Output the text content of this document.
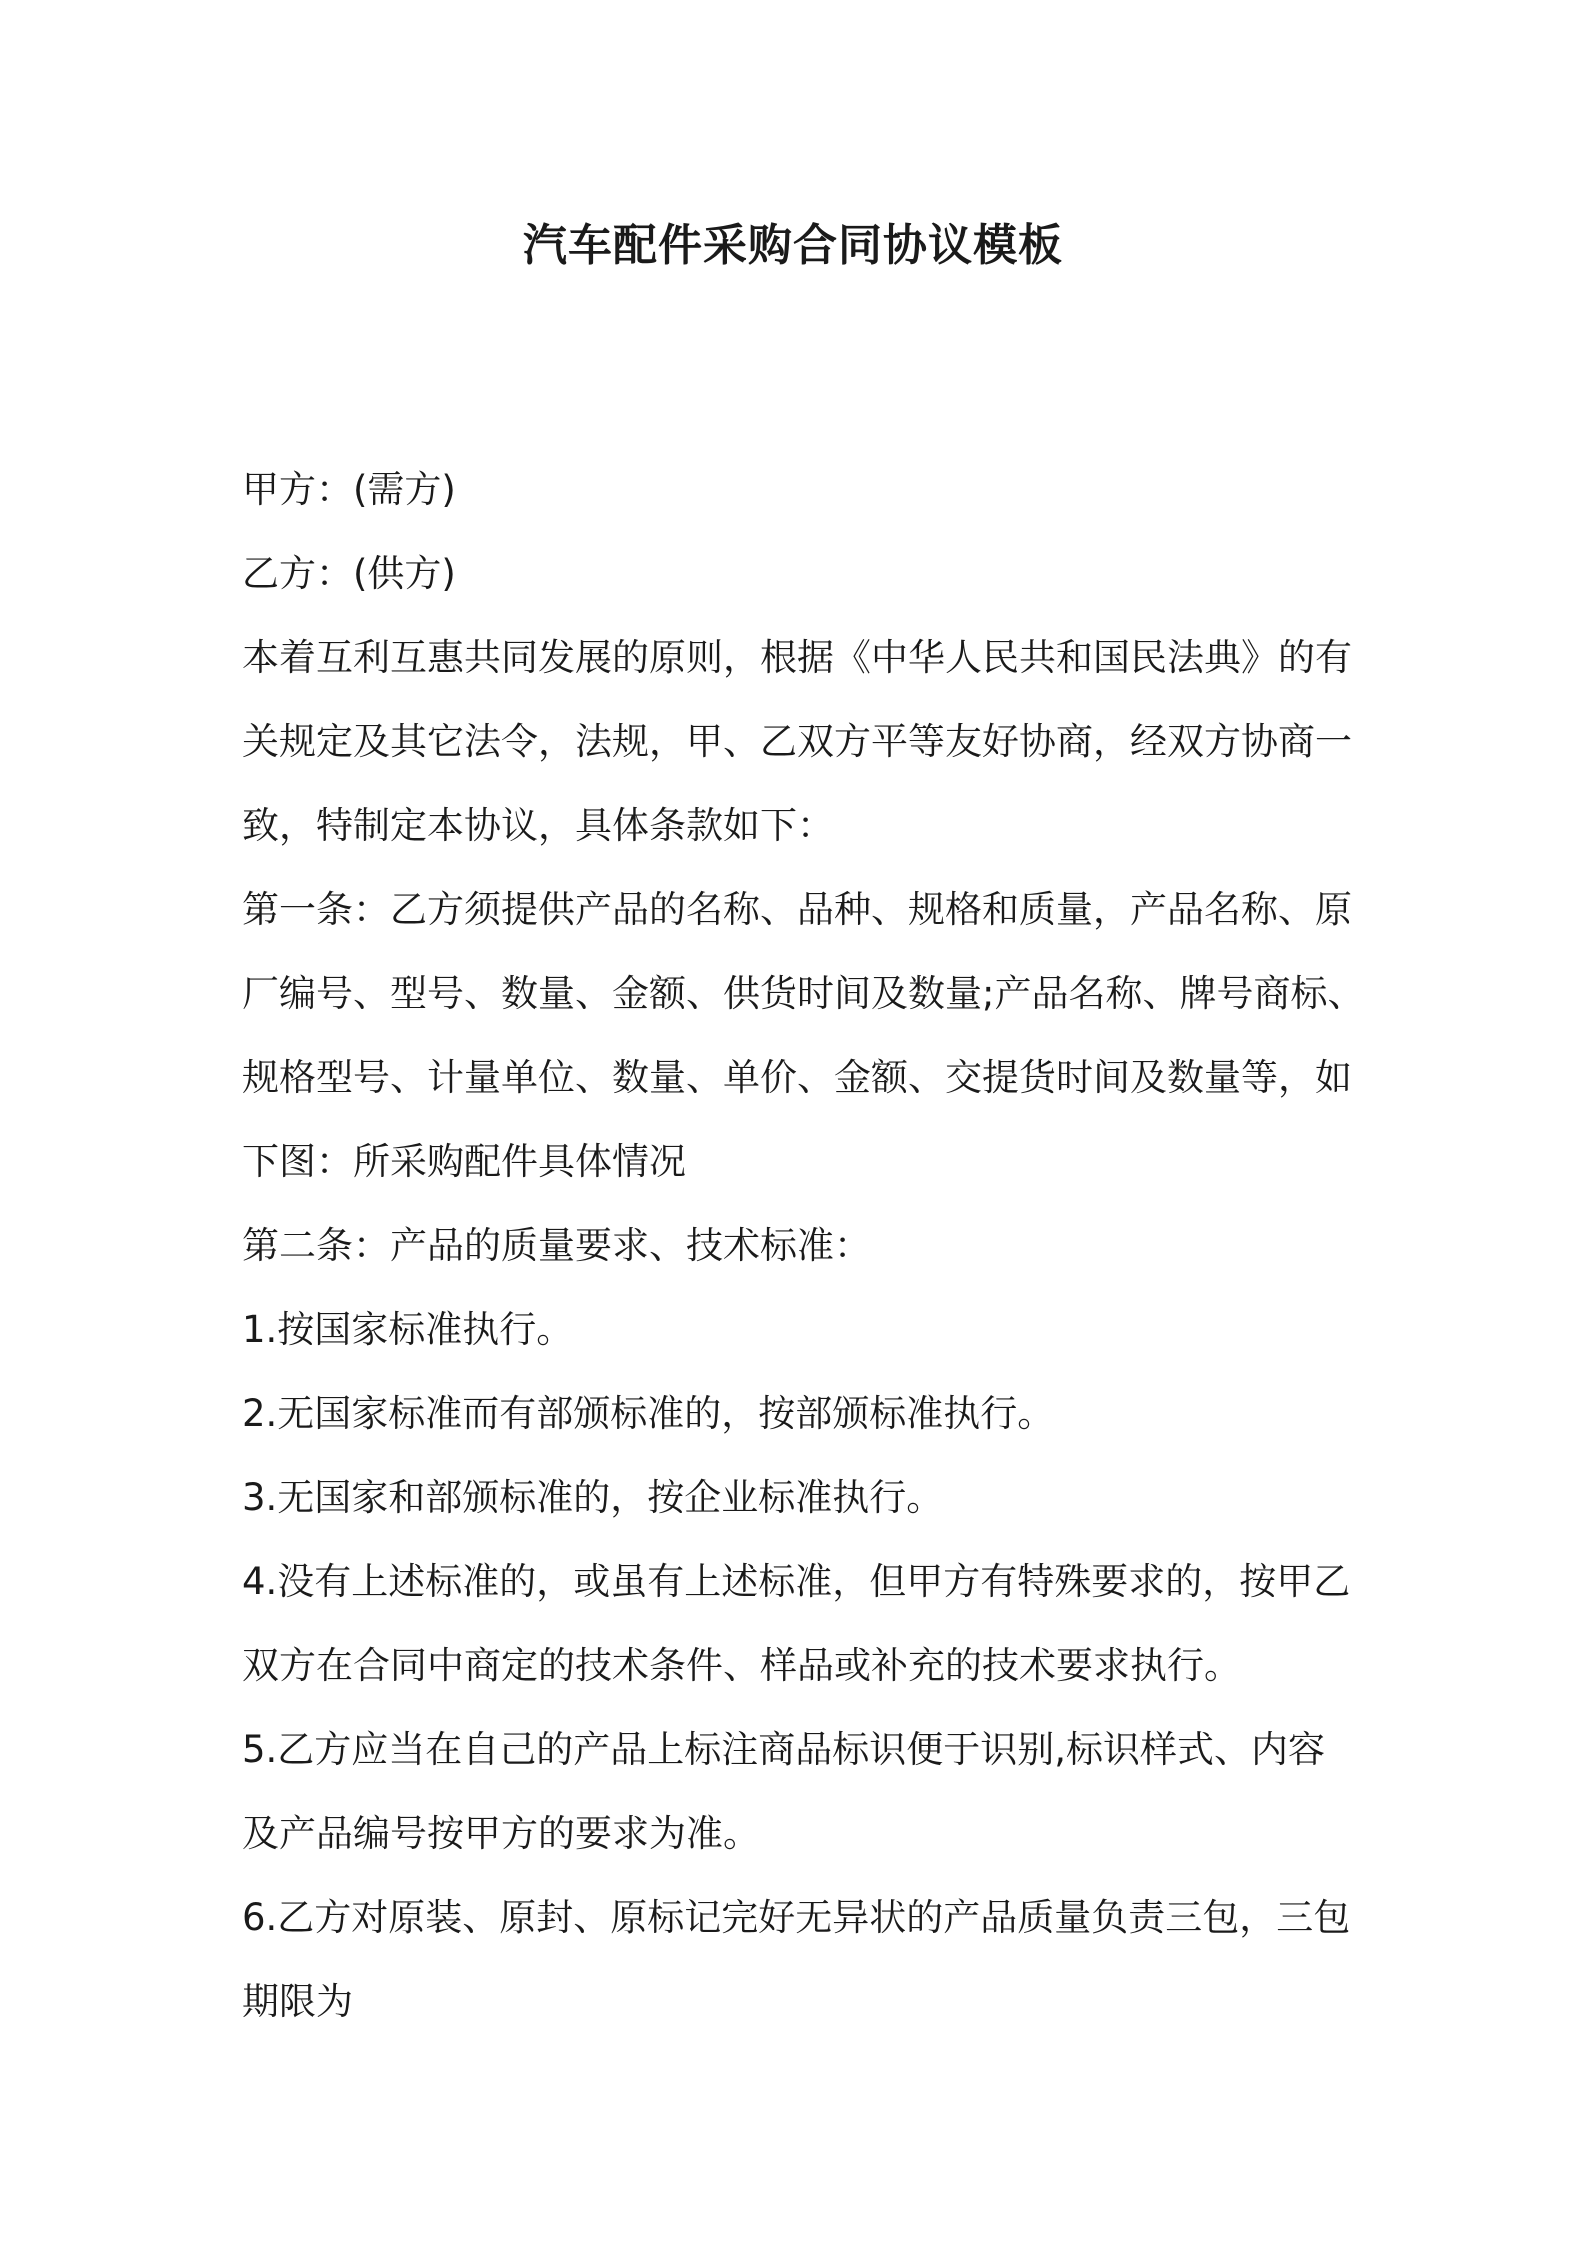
汽车配件采购合同协议模板

甲方：(需方)

乙方：(供方)

本着互利互惠共同发展的原则，根据《中华人民共和国民法典》的有

关规定及其它法令，法规，甲、乙双方平等友好协商，经双方协商一

致，特制定本协议，具体条款如下：

第一条：乙方须提供产品的名称、品种、规格和质量，产品名称、原

厂编号、型号、数量、金额、供货时间及数量;产品名称、牌号商标、

规格型号、计量单位、数量、单价、金额、交提货时间及数量等，如

下图：所采购配件具体情况

第二条：产品的质量要求、技术标准：

1.按国家标准执行。

2.无国家标准而有部颁标准的，按部颁标准执行。

3.无国家和部颁标准的，按企业标准执行。

4.没有上述标准的，或虽有上述标准，但甲方有特殊要求的，按甲乙

双方在合同中商定的技术条件、样品或补充的技术要求执行。

5.乙方应当在自己的产品上标注商品标识便于识别,标识样式、内容

及产品编号按甲方的要求为准。

6.乙方对原装、原封、原标记完好无异状的产品质量负责三包，三包

期限为
